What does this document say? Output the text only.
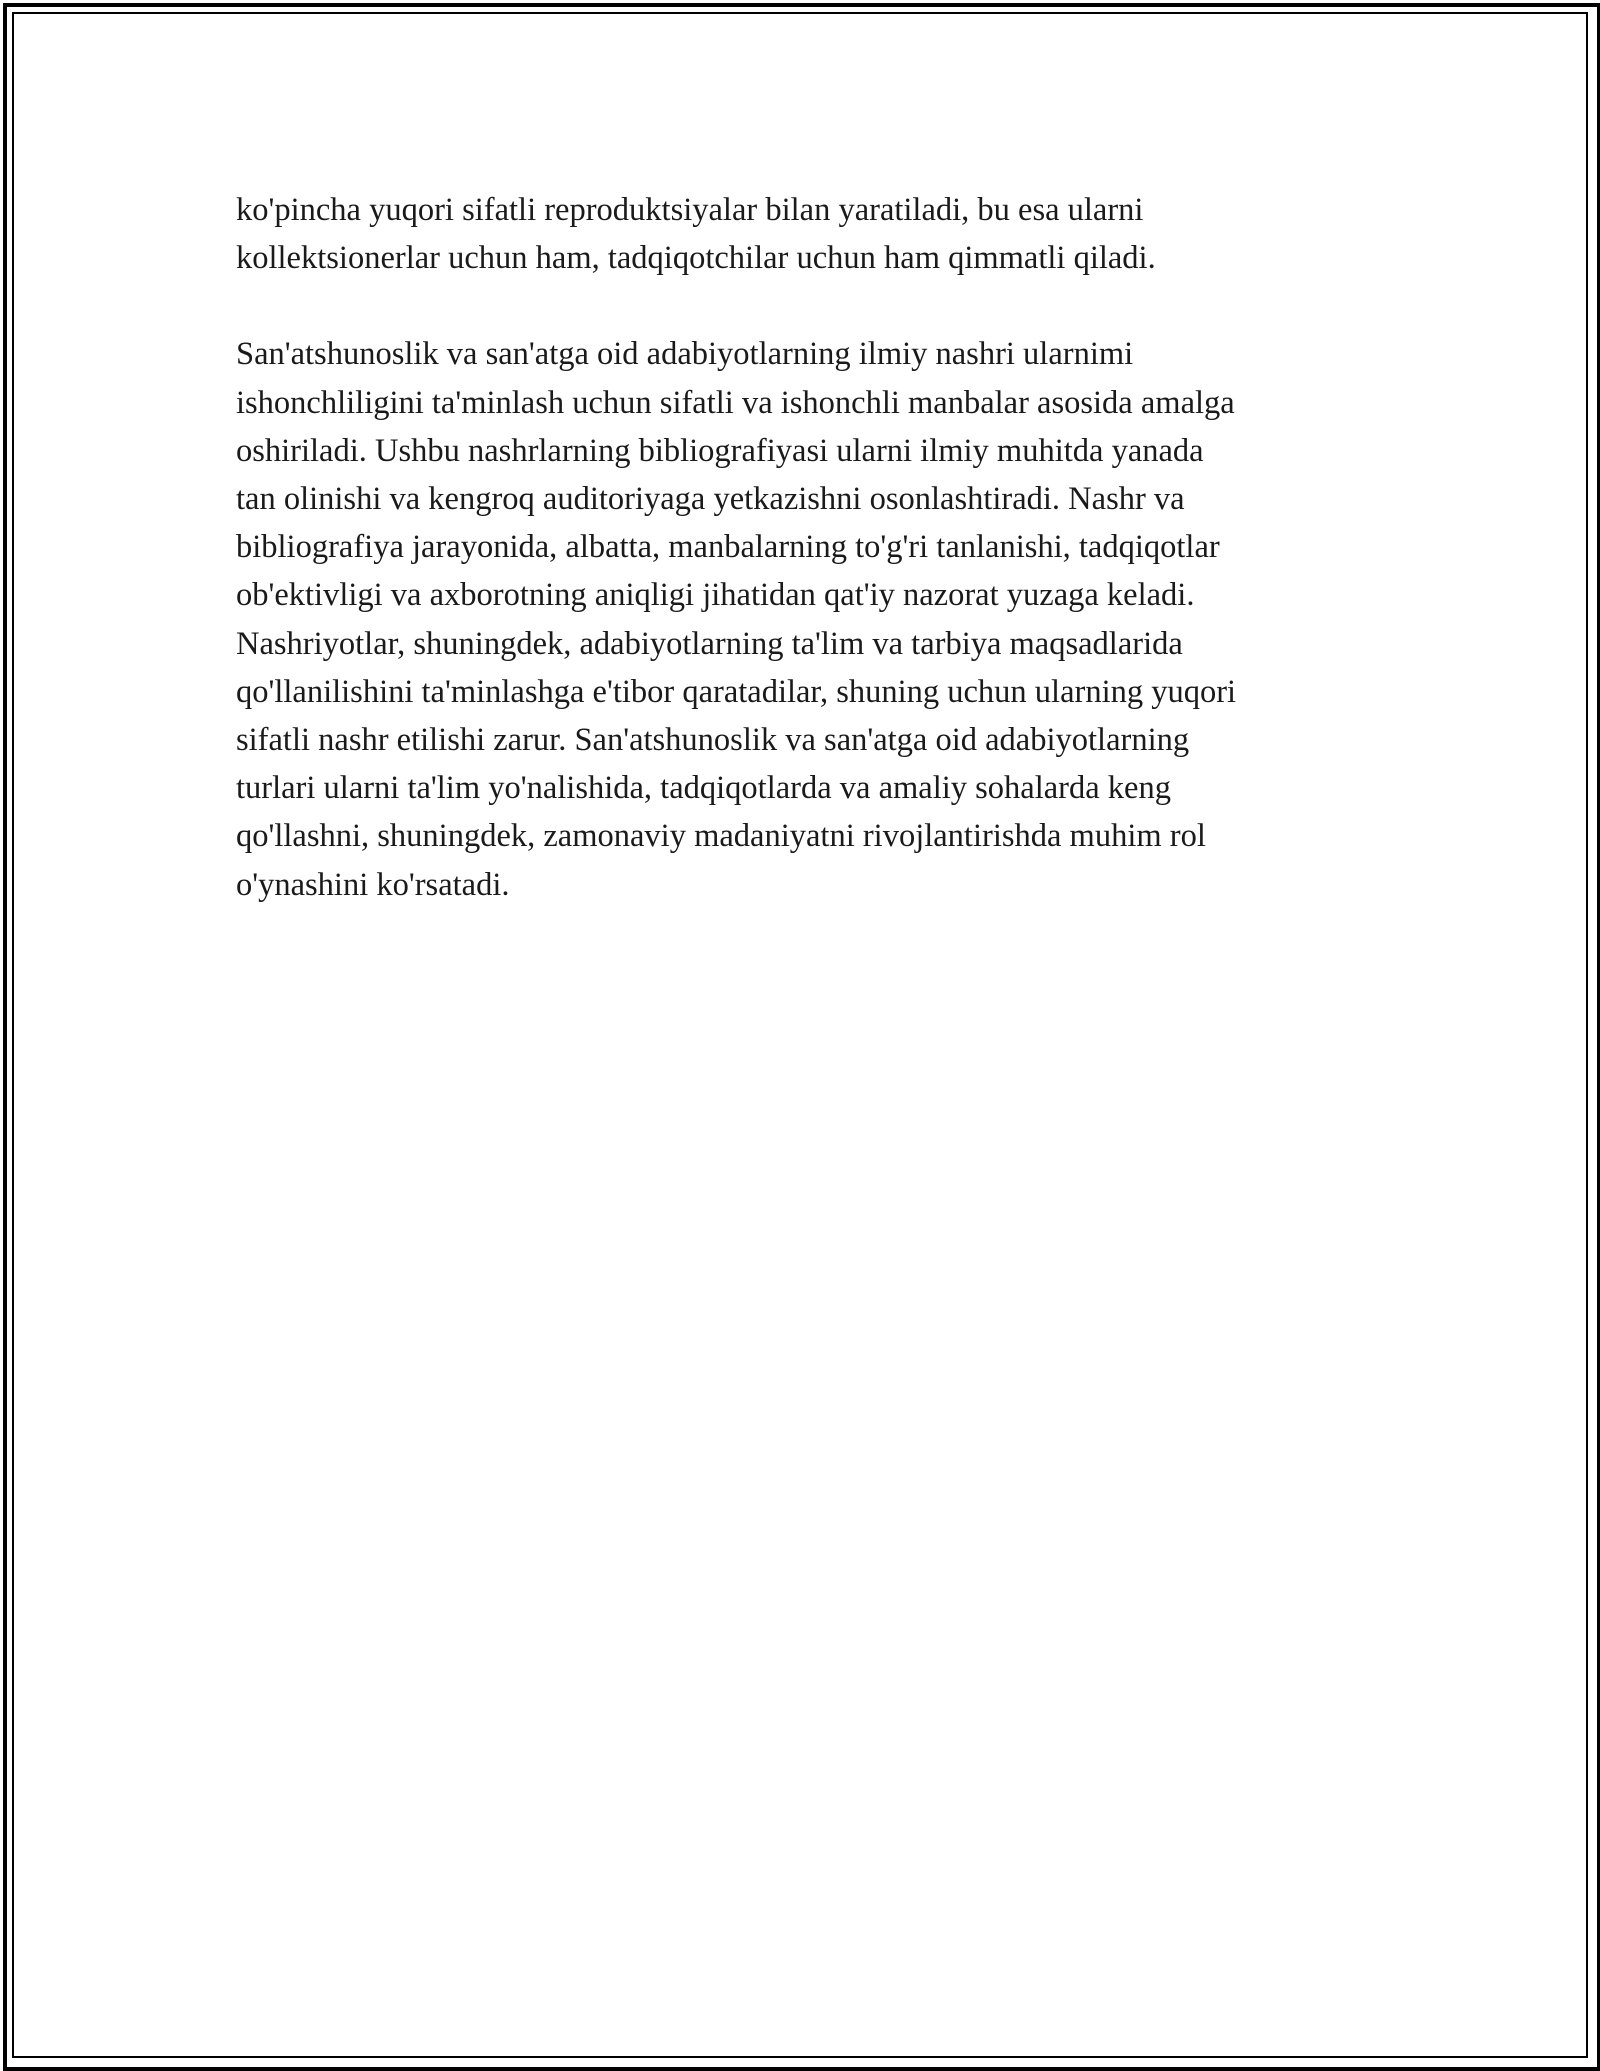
ko'pincha yuqori sifatli reproduktsiyalar bilan yaratiladi, bu esa ularni
kollektsionerlar uchun ham, tadqiqotchilar uchun ham qimmatli qiladi.
San'atshunoslik va san'atga oid adabiyotlarning ilmiy nashri ularnimi
ishonchliligini ta'minlash uchun sifatli va ishonchli manbalar asosida amalga
oshiriladi. Ushbu nashrlarning bibliografiyasi ularni ilmiy muhitda yanada
tan olinishi va kengroq auditoriyaga yetkazishni osonlashtiradi. Nashr va
bibliografiya jarayonida, albatta, manbalarning to'g'ri tanlanishi, tadqiqotlar
ob'ektivligi va axborotning aniqligi jihatidan qat'iy nazorat yuzaga keladi.
Nashriyotlar, shuningdek, adabiyotlarning ta'lim va tarbiya maqsadlarida
qo'llanilishini ta'minlashga e'tibor qaratadilar, shuning uchun ularning yuqori
sifatli nashr etilishi zarur. San'atshunoslik va san'atga oid adabiyotlarning
turlari ularni ta'lim yo'nalishida, tadqiqotlarda va amaliy sohalarda keng
qo'llashni, shuningdek, zamonaviy madaniyatni rivojlantirishda muhim rol
o'ynashini ko'rsatadi.
